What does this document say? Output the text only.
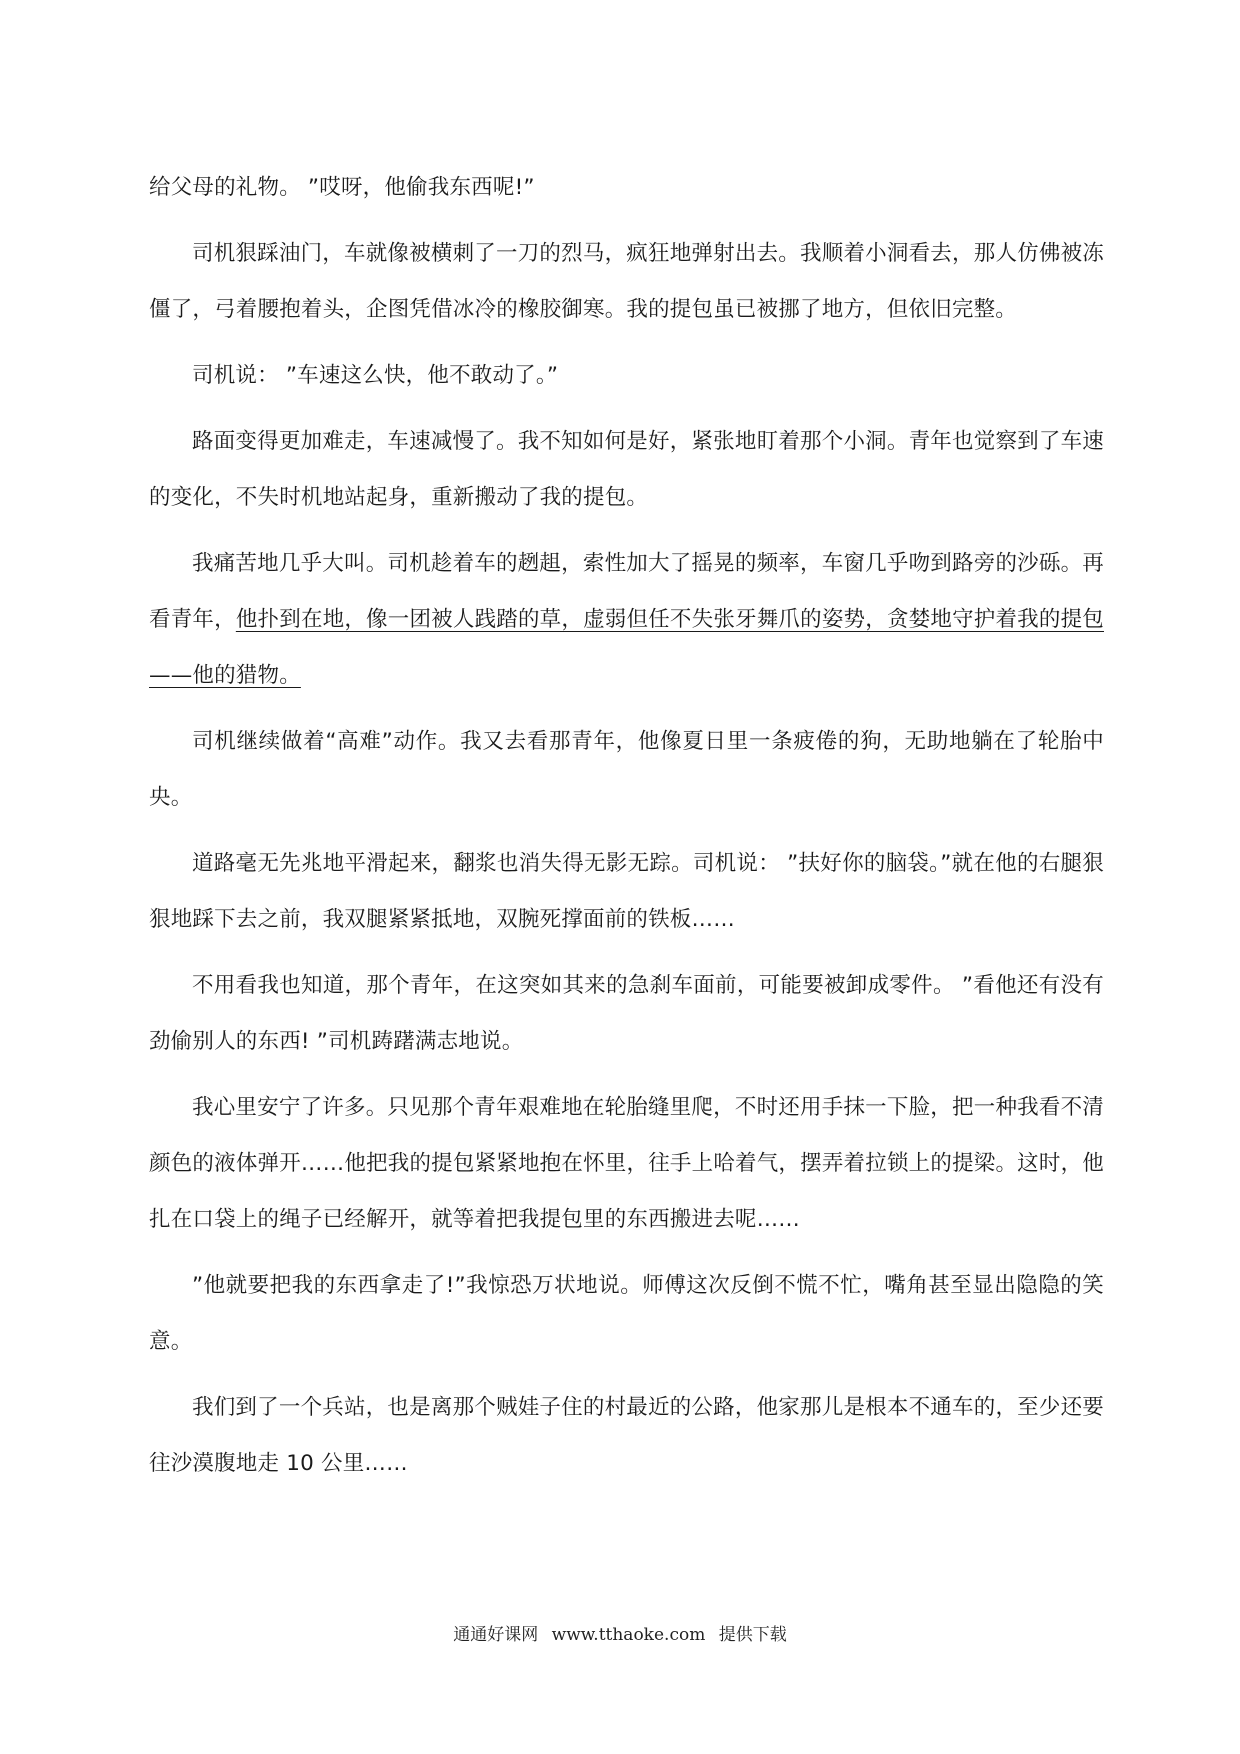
给父母的礼物。 ”哎呀，他偷我东西呢!”

司机狠踩油门，车就像被横刺了一刀的烈马，疯狂地弹射出去。我顺着小洞看去，那人仿佛被冻僵了，弓着腰抱着头，企图凭借冰冷的橡胶御寒。我的提包虽已被挪了地方，但依旧完整。

司机说： ”车速这么快，他不敢动了。”

路面变得更加难走，车速减慢了。我不知如何是好，紧张地盯着那个小洞。青年也觉察到了车速的变化，不失时机地站起身，重新搬动了我的提包。

我痛苦地几乎大叫。司机趁着车的趔趄，索性加大了摇晃的频率，车窗几乎吻到路旁的沙砾。再看青年，他扑到在地，像一团被人践踏的草，虚弱但任不失张牙舞爪的姿势，贪婪地守护着我的提包——他的猎物。

司机继续做着“高难”动作。我又去看那青年，他像夏日里一条疲倦的狗，无助地躺在了轮胎中央。

道路毫无先兆地平滑起来，翻浆也消失得无影无踪。司机说： ”扶好你的脑袋。”就在他的右腿狠狠地踩下去之前，我双腿紧紧抵地，双腕死撑面前的铁板……

不用看我也知道，那个青年，在这突如其来的急刹车面前，可能要被卸成零件。 ”看他还有没有劲偷别人的东西! ”司机踌躇满志地说。

我心里安宁了许多。只见那个青年艰难地在轮胎缝里爬，不时还用手抹一下脸，把一种我看不清颜色的液体弹开……他把我的提包紧紧地抱在怀里，往手上哈着气，摆弄着拉锁上的提梁。这时，他扎在口袋上的绳子已经解开，就等着把我提包里的东西搬进去呢……

”他就要把我的东西拿走了!”我惊恐万状地说。师傅这次反倒不慌不忙，嘴角甚至显出隐隐的笑意。

我们到了一个兵站，也是离那个贼娃子住的村最近的公路，他家那儿是根本不通车的，至少还要往沙漠腹地走 10 公里……

通通好课网 www.tthaoke.com 提供下载
